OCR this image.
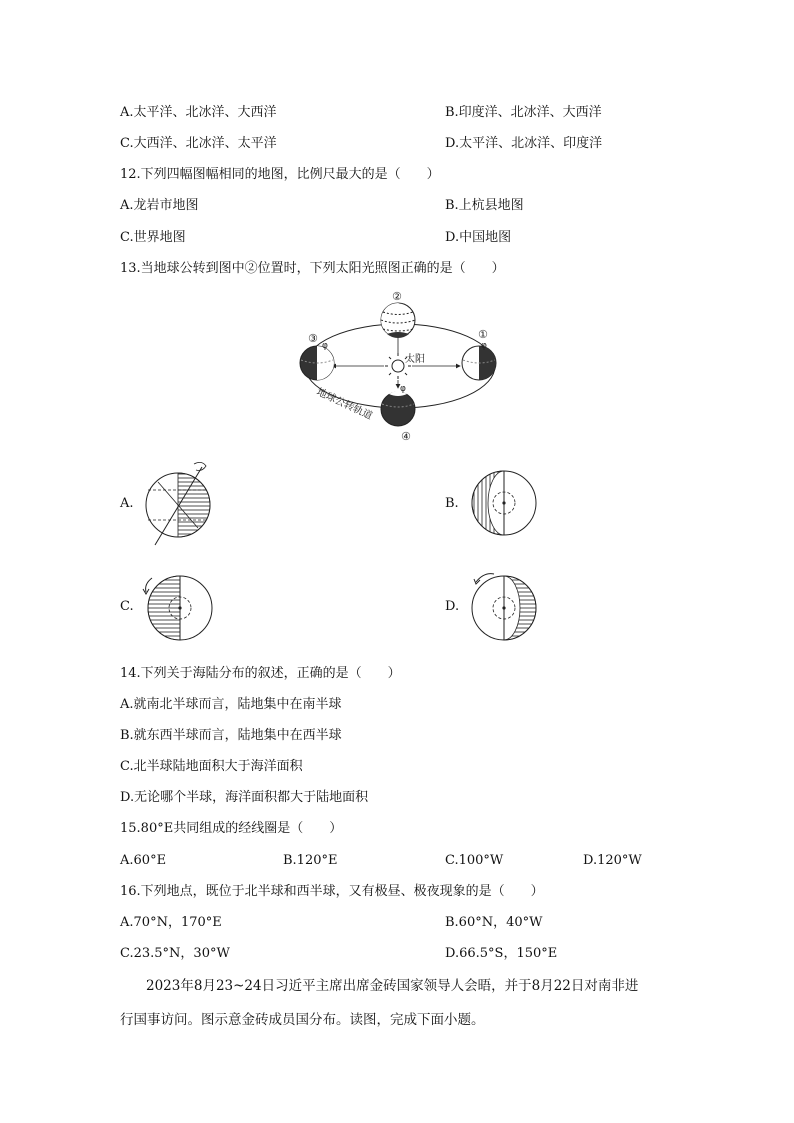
A.太平洋、北冰洋、大西洋	B.印度洋、北冰洋、大西洋
C.大西洋、北冰洋、太平洋	D.太平洋、北冰洋、印度洋
12.下列四幅图幅相同的地图，比例尺最大的是（　　）
A.龙岩市地图	B.上杭县地图
C.世界地图	D.中国地图
13.当地球公转到图中②位置时，下列太阳光照图正确的是（　　）
太阳
②
③
φ
①
φ
φ
④
地球公转轨道
A.	B.
C.	D.
14.下列关于海陆分布的叙述，正确的是（　　）
A.就南北半球而言，陆地集中在南半球
B.就东西半球而言，陆地集中在西半球
C.北半球陆地面积大于海洋面积
D.无论哪个半球，海洋面积都大于陆地面积
15.80°E共同组成的经线圈是（　　）
A.60°E	B.120°E	C.100°W	D.120°W
16.下列地点，既位于北半球和西半球，又有极昼、极夜现象的是（　　）
A.70°N，170°E	B.60°N，40°W
C.23.5°N，30°W	D.66.5°S，150°E
2023年8月23~24日习近平主席出席金砖国家领导人会晤，并于8月22日对南非进
行国事访问。图示意金砖成员国分布。读图，完成下面小题。
